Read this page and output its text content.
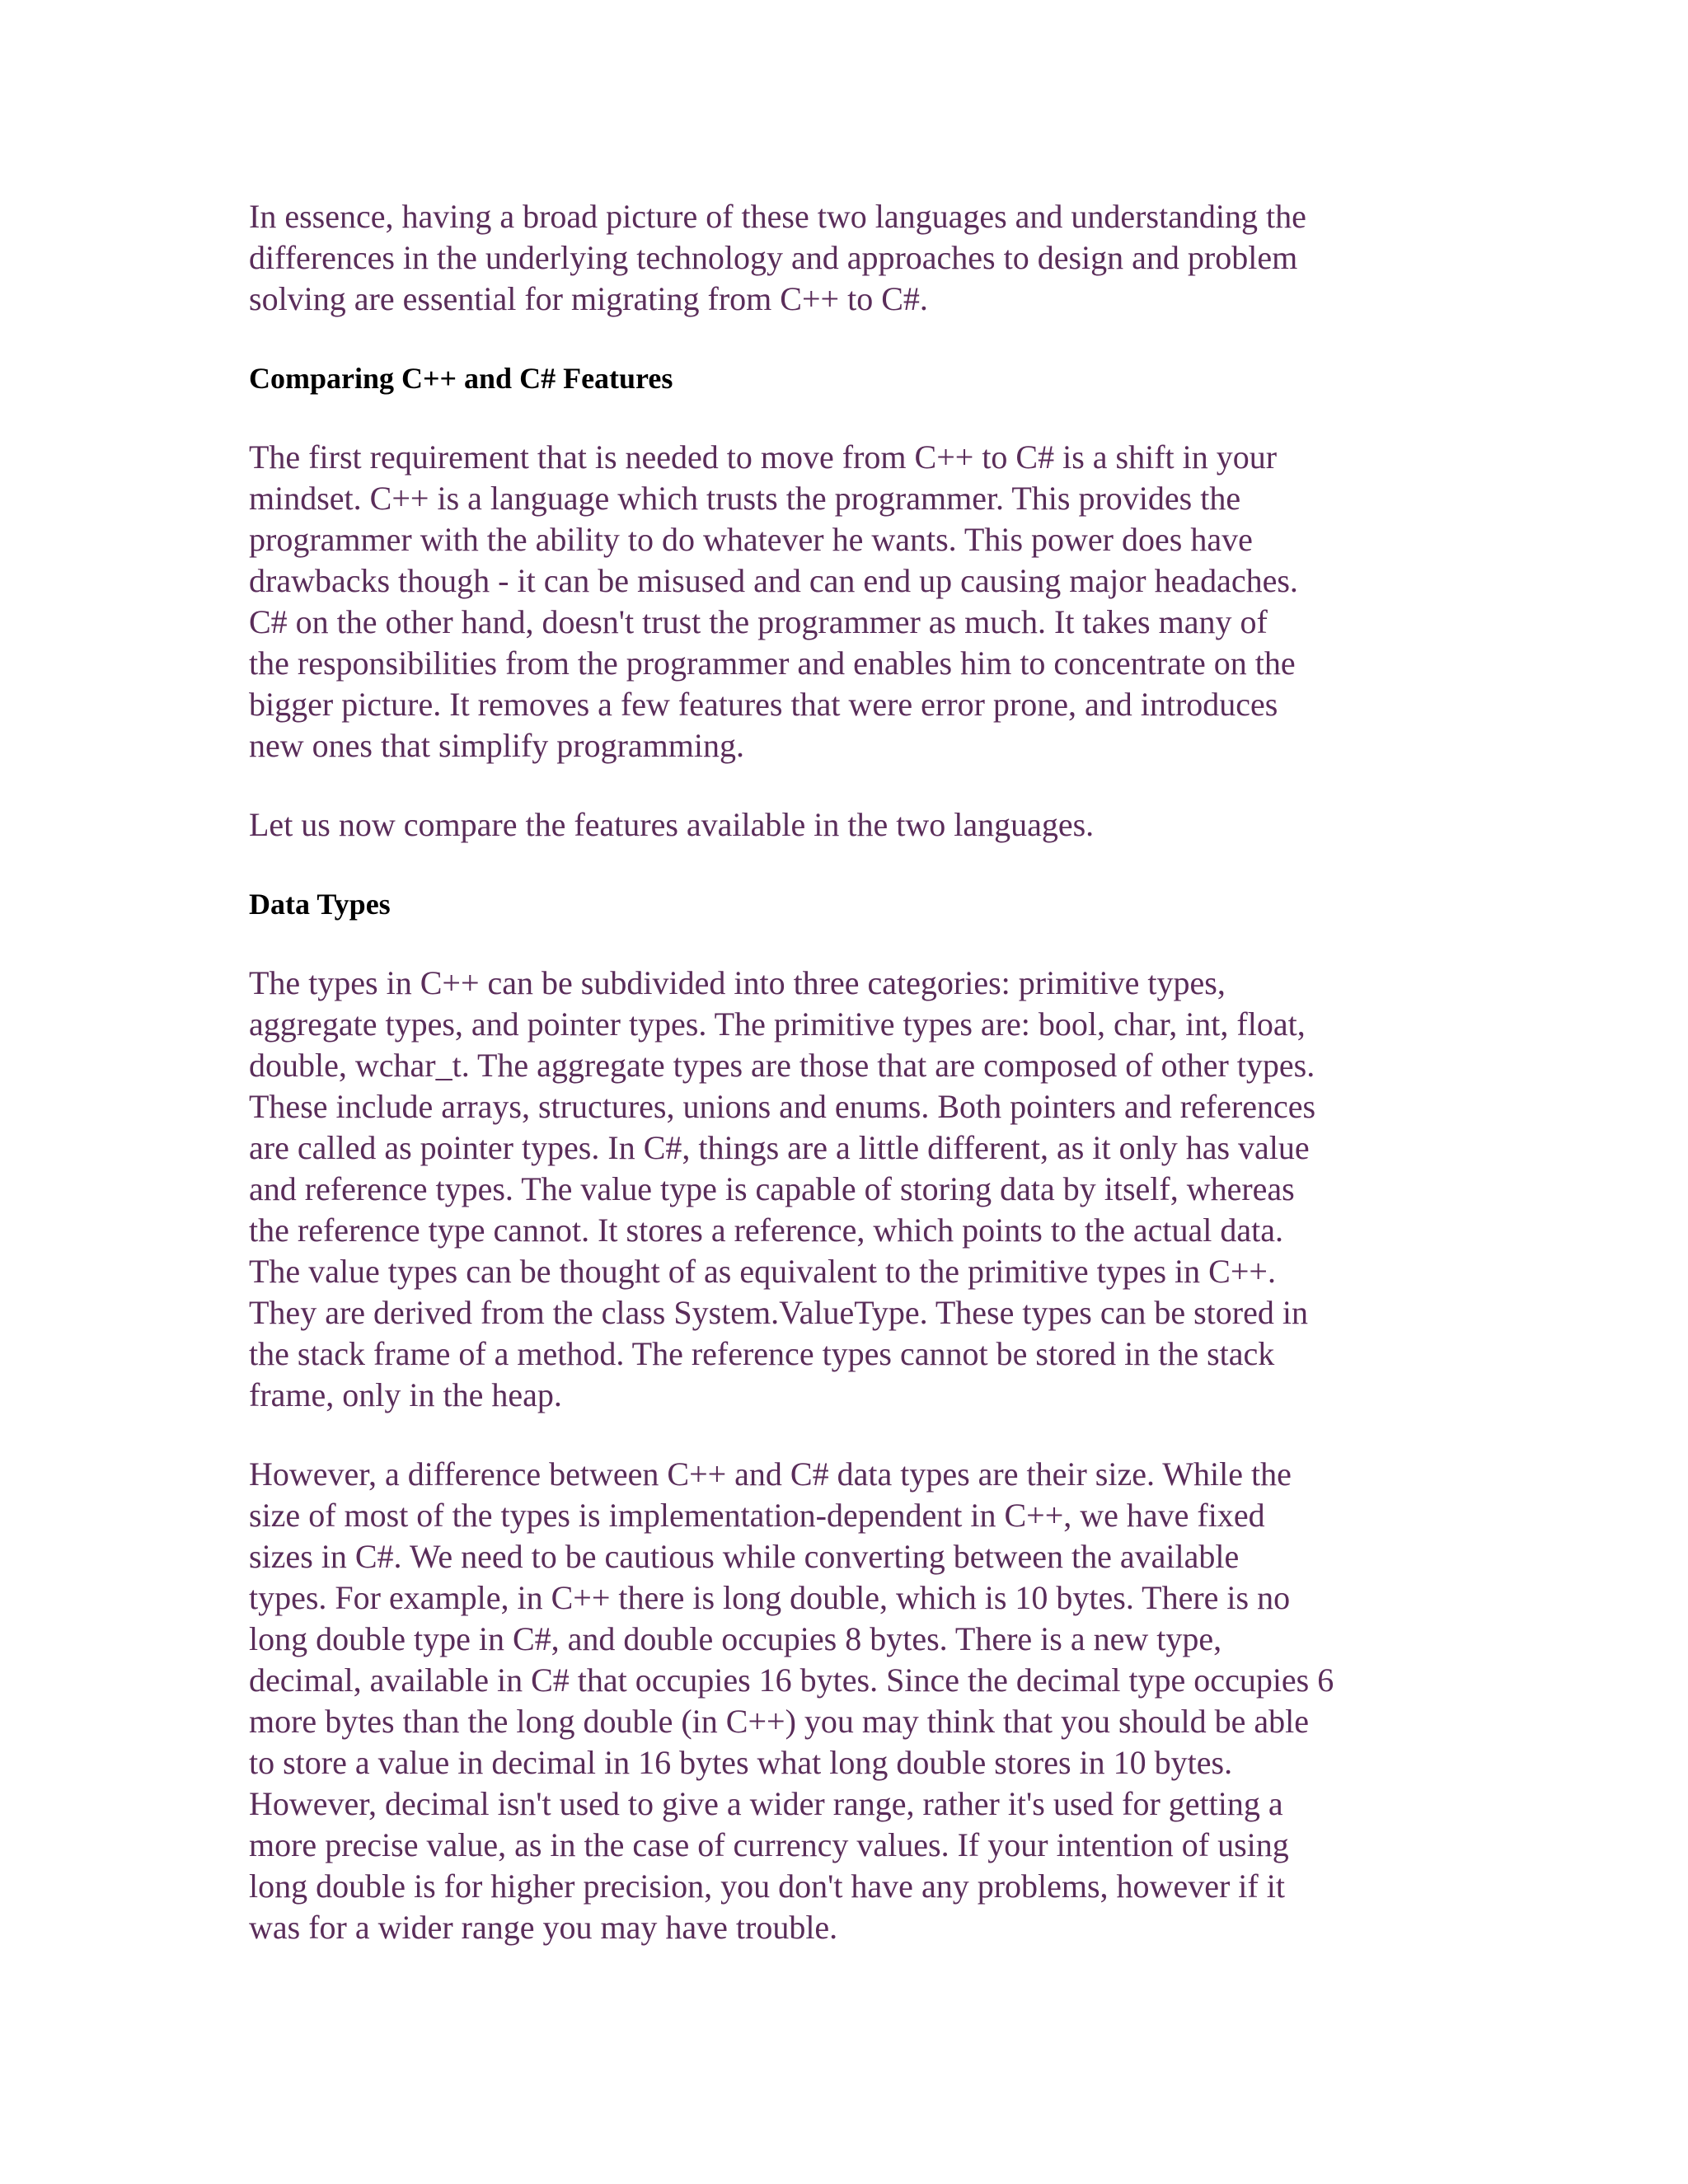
In essence, having a broad picture of these two languages and understanding the
differences in the underlying technology and approaches to design and problem
solving are essential for migrating from C++ to C#.

Comparing C++ and C# Features

The first requirement that is needed to move from C++ to C# is a shift in your
mindset. C++ is a language which trusts the programmer. This provides the
programmer with the ability to do whatever he wants. This power does have
drawbacks though - it can be misused and can end up causing major headaches.
C# on the other hand, doesn't trust the programmer as much. It takes many of
the responsibilities from the programmer and enables him to concentrate on the
bigger picture. It removes a few features that were error prone, and introduces
new ones that simplify programming.

Let us now compare the features available in the two languages.

Data Types

The types in C++ can be subdivided into three categories: primitive types,
aggregate types, and pointer types. The primitive types are: bool, char, int, float,
double, wchar_t. The aggregate types are those that are composed of other types.
These include arrays, structures, unions and enums. Both pointers and references
are called as pointer types. In C#, things are a little different, as it only has value
and reference types. The value type is capable of storing data by itself, whereas
the reference type cannot. It stores a reference, which points to the actual data.
The value types can be thought of as equivalent to the primitive types in C++.
They are derived from the class System.ValueType. These types can be stored in
the stack frame of a method. The reference types cannot be stored in the stack
frame, only in the heap.

However, a difference between C++ and C# data types are their size. While the
size of most of the types is implementation-dependent in C++, we have fixed
sizes in C#. We need to be cautious while converting between the available
types. For example, in C++ there is long double, which is 10 bytes. There is no
long double type in C#, and double occupies 8 bytes. There is a new type,
decimal, available in C# that occupies 16 bytes. Since the decimal type occupies 6
more bytes than the long double (in C++) you may think that you should be able
to store a value in decimal in 16 bytes what long double stores in 10 bytes.
However, decimal isn't used to give a wider range, rather it's used for getting a
more precise value, as in the case of currency values. If your intention of using
long double is for higher precision, you don't have any problems, however if it
was for a wider range you may have trouble.
